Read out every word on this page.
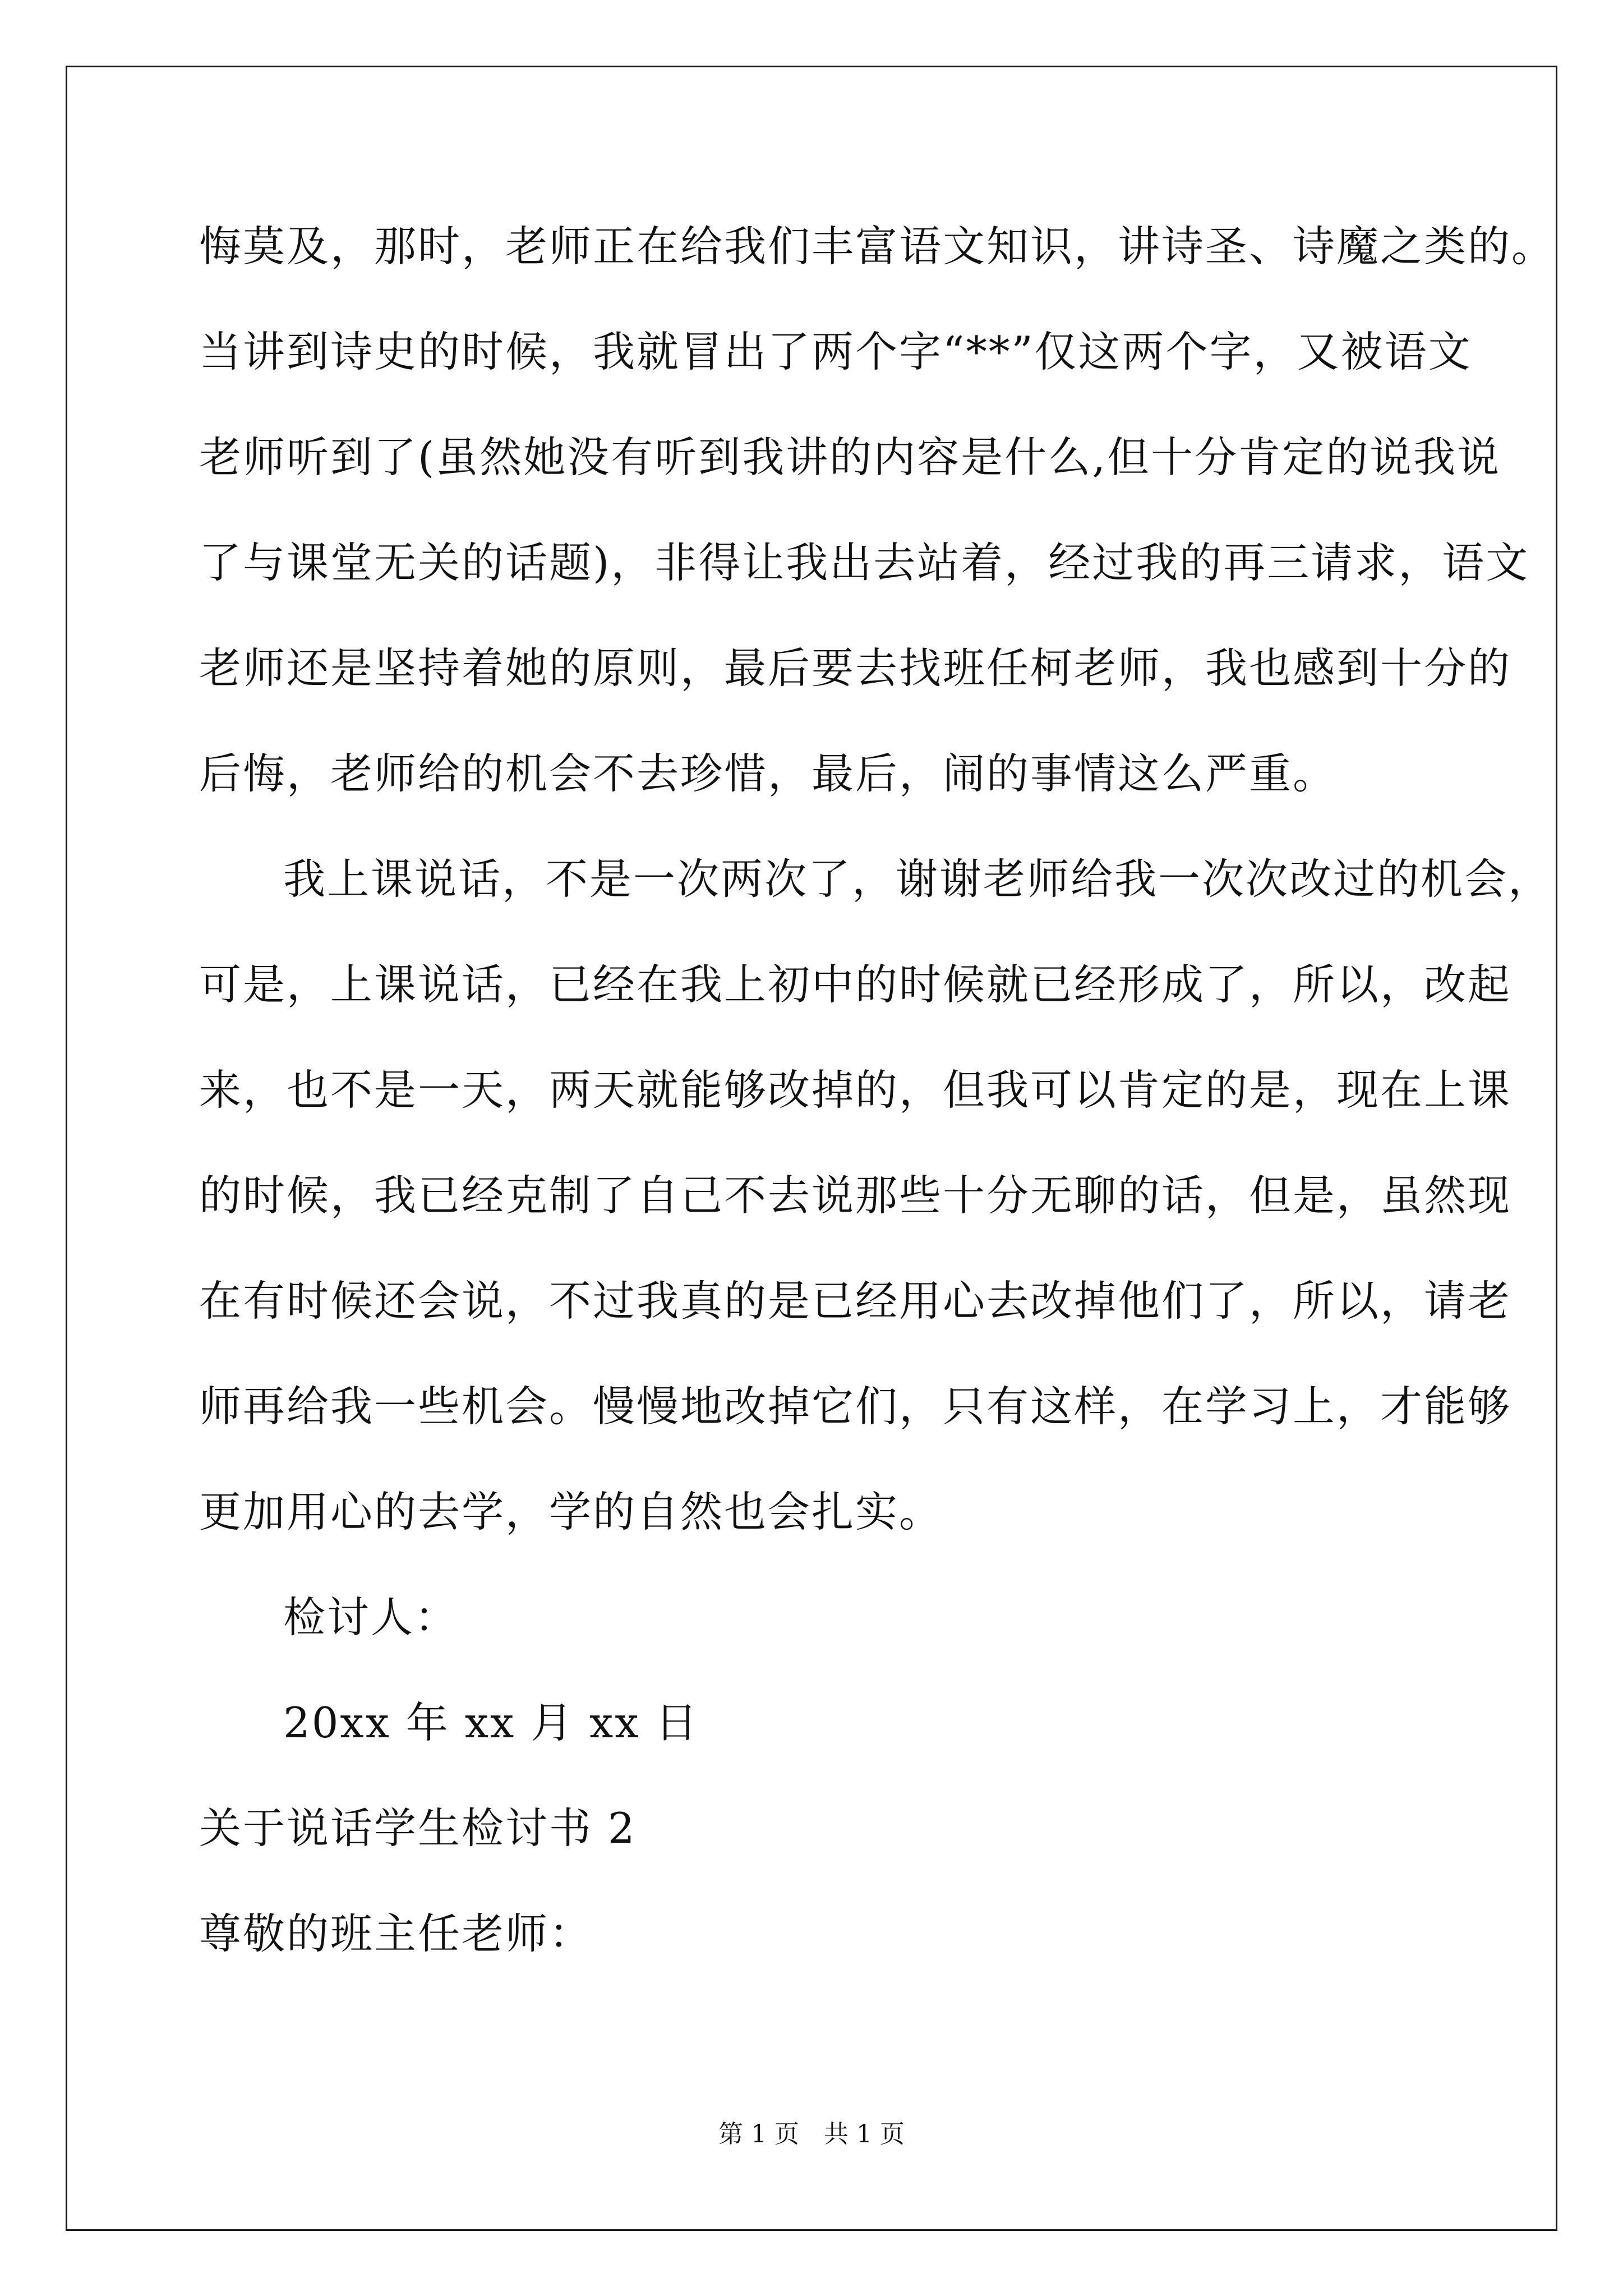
悔莫及，那时，老师正在给我们丰富语文知识，讲诗圣、诗魔之类的。
当讲到诗史的时候，我就冒出了两个字“**”仅这两个字，又被语文
老师听到了(虽然她没有听到我讲的内容是什么,但十分肯定的说我说
了与课堂无关的话题)，非得让我出去站着，经过我的再三请求，语文
老师还是坚持着她的原则，最后要去找班任柯老师，我也感到十分的
后悔，老师给的机会不去珍惜，最后，闹的事情这么严重。
我上课说话，不是一次两次了，谢谢老师给我一次次改过的机会，
可是，上课说话，已经在我上初中的时候就已经形成了，所以，改起
来，也不是一天，两天就能够改掉的，但我可以肯定的是，现在上课
的时候，我已经克制了自己不去说那些十分无聊的话，但是，虽然现
在有时候还会说，不过我真的是已经用心去改掉他们了，所以，请老
师再给我一些机会。慢慢地改掉它们，只有这样，在学习上，才能够
更加用心的去学，学的自然也会扎实。
检讨人：
20xx 年 xx 月 xx 日
关于说话学生检讨书 2
尊敬的班主任老师：
第 1 页　共 1 页
